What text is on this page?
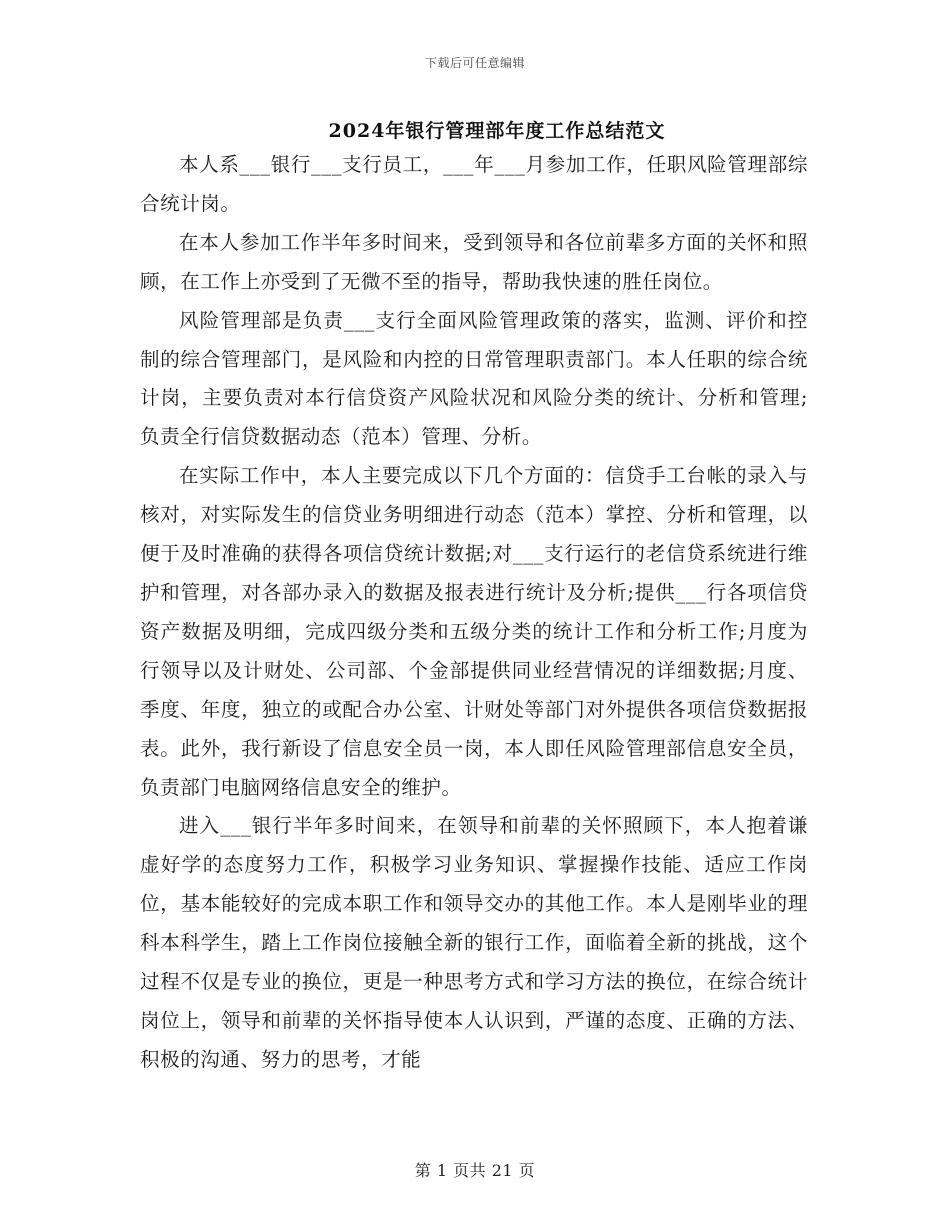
下载后可任意编辑
2024年银行管理部年度工作总结范文

本人系___银行___支行员工，___年___月参加工作，任职风险管理部综合统计岗。

在本人参加工作半年多时间来，受到领导和各位前辈多方面的关怀和照顾，在工作上亦受到了无微不至的指导，帮助我快速的胜任岗位。

风险管理部是负责___支行全面风险管理政策的落实，监测、评价和控制的综合管理部门，是风险和内控的日常管理职责部门。本人任职的综合统计岗，主要负责对本行信贷资产风险状况和风险分类的统计、分析和管理;负责全行信贷数据动态（范本）管理、分析。

在实际工作中，本人主要完成以下几个方面的：信贷手工台帐的录入与核对，对实际发生的信贷业务明细进行动态（范本）掌控、分析和管理，以便于及时准确的获得各项信贷统计数据;对___支行运行的老信贷系统进行维护和管理，对各部办录入的数据及报表进行统计及分析;提供___行各项信贷资产数据及明细，完成四级分类和五级分类的统计工作和分析工作;月度为行领导以及计财处、公司部、个金部提供同业经营情况的详细数据;月度、季度、年度，独立的或配合办公室、计财处等部门对外提供各项信贷数据报表。此外，我行新设了信息安全员一岗，本人即任风险管理部信息安全员，负责部门电脑网络信息安全的维护。

进入___银行半年多时间来，在领导和前辈的关怀照顾下，本人抱着谦虚好学的态度努力工作，积极学习业务知识、掌握操作技能、适应工作岗位，基本能较好的完成本职工作和领导交办的其他工作。本人是刚毕业的理科本科学生，踏上工作岗位接触全新的银行工作，面临着全新的挑战，这个过程不仅是专业的换位，更是一种思考方式和学习方法的换位，在综合统计岗位上，领导和前辈的关怀指导使本人认识到，严谨的态度、正确的方法、积极的沟通、努力的思考，才能

第 1 页共 21 页
